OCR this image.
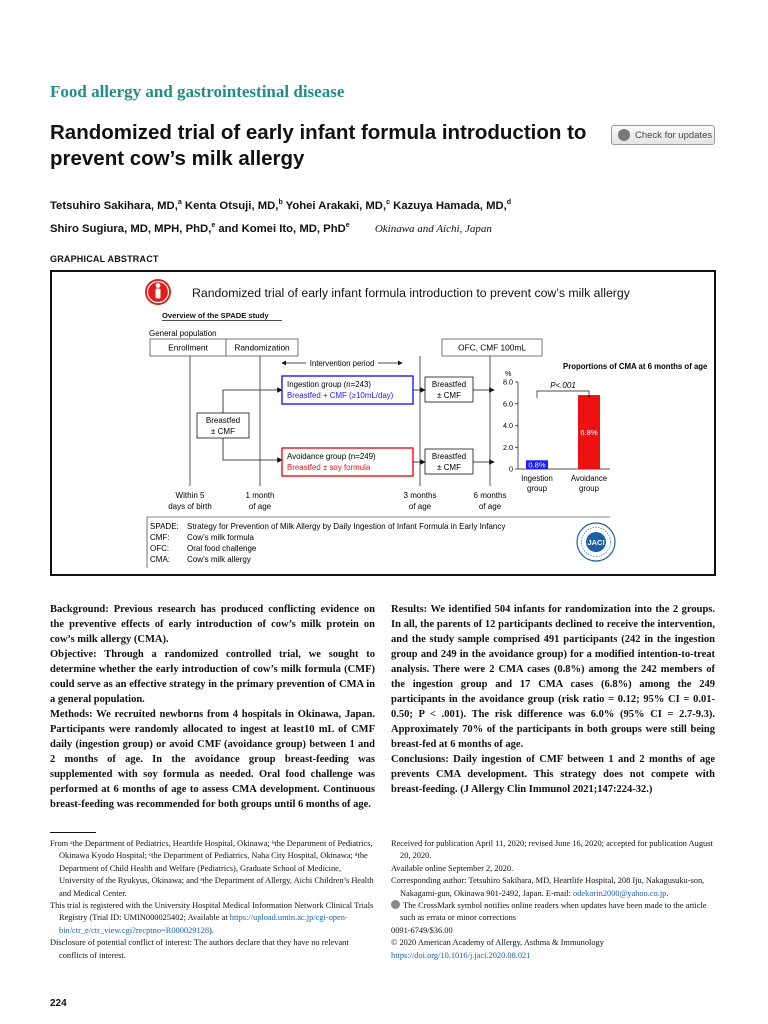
Food allergy and gastrointestinal disease
Randomized trial of early infant formula introduction to prevent cow’s milk allergy
Check for updates
Tetsuhiro Sakihara, MD,$^a$ Kenta Otsuji, MD,$^b$ Yohei Arakaki, MD,$^c$ Kazuya Hamada, MD,$^d$
Shiro Sugiura, MD, MPH, PhD,$^e$ and Komei Ito, MD, PhD$^e$ Okinawa and Aichi, Japan
GRAPHICAL ABSTRACT
Randomized trial of early infant formula introduction to prevent cow’s milk allergy
Overview of the SPADE study
General population
Enrollment	Randomization	OFC, CMF 100mL
Intervention period
Breastfed
± CMF
Ingestion group (n=243)
Breastfed + CMF (≥10mL/day)
Avoidance group (n=249)
Breastfed ± soy formula
Breastfed
± CMF
Breastfed
± CMF
Within 5
days of birth
1 month
of age
3 months
of age
6 months
of age
Proportions of CMA at 6 months of age
%
0
2.0
4.0
6.0
8.0
0.8%
Ingestion
group
6.8%
Avoidance
group
P<.001
SPADE: Strategy for Prevention of Milk Allergy by Daily Ingestion of Infant Formula in Early Infancy
CMF: Cow’s milk formula
OFC: Oral food challenge
CMA: Cow’s milk allergy
JACI

Background: Previous research has produced conflicting evidence on the preventive effects of early introduction of cow’s milk protein on cow’s milk allergy (CMA).

Objective: Through a randomized controlled trial, we sought to determine whether the early introduction of cow’s milk formula (CMF) could serve as an effective strategy in the primary prevention of CMA in a general population.

Methods: We recruited newborns from 4 hospitals in Okinawa, Japan. Participants were randomly allocated to ingest at least10 mL of CMF daily (ingestion group) or avoid CMF (avoidance group) between 1 and 2 months of age. In the avoidance group breast-feeding was supplemented with soy formula as needed. Oral food challenge was performed at 6 months of age to assess CMA development. Continuous breast-feeding was recommended for both groups until 6 months of age.

Results: We identified 504 infants for randomization into the 2 groups. In all, the parents of 12 participants declined to receive the intervention, and the study sample comprised 491 participants (242 in the ingestion group and 249 in the avoidance group) for a modified intention-to-treat analysis. There were 2 CMA cases (0.8%) among the 242 members of the ingestion group and 17 CMA cases (6.8%) among the 249 participants in the avoidance group (risk ratio = 0.12; 95% CI = 0.01-0.50; P < .001). The risk difference was 6.0% (95% CI = 2.7-9.3). Approximately 70% of the participants in both groups were still being breast-fed at 6 months of age.

Conclusions: Daily ingestion of CMF between 1 and 2 months of age prevents CMA development. This strategy does not compete with breast-feeding. (J Allergy Clin Immunol 2021;147:224-32.)

From ᵃthe Department of Pediatrics, Heartlife Hospital, Okinawa; ᵇthe Department of Pediatrics, Okinawa Kyodo Hospital; ᶜthe Department of Pediatrics, Naha City Hospital, Okinawa; ᵈthe Department of Child Health and Welfare (Pediatrics), Graduate School of Medicine, University of the Ryukyus, Okinawa; and ᵉthe Department of Allergy, Aichi Children’s Health and Medical Center.

This trial is registered with the University Hospital Medical Information Network Clinical Trials Registry (Trial ID: UMIN000025402; Available at https://upload.umin.ac.jp/cgi-open-bin/ctr_e/ctr_view.cgi?recptno=R000029128).

Disclosure of potential conflict of interest: The authors declare that they have no relevant conflicts of interest.

Received for publication April 11, 2020; revised June 16, 2020; accepted for publication August 20, 2020.

Available online September 2, 2020.

Corresponding author: Tetsuhiro Sakihara, MD, Heartlife Hospital, 208 Iju, Nakagusuku-son, Nakagami-gun, Okinawa 901-2492, Japan. E-mail: odekorin2000@yahoo.co.jp.

The CrossMark symbol notifies online readers when updates have been made to the article such as errata or minor corrections

0091-6749/$36.00

© 2020 American Academy of Allergy, Asthma & Immunology

https://doi.org/10.1016/j.jaci.2020.08.021

224
